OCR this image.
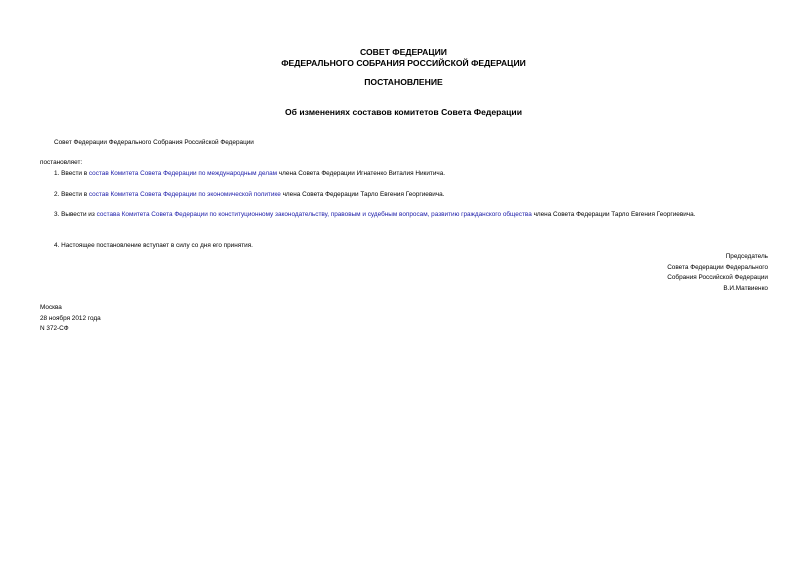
СОВЕТ ФЕДЕРАЦИИ
ФЕДЕРАЛЬНОГО СОБРАНИЯ РОССИЙСКОЙ ФЕДЕРАЦИИ
ПОСТАНОВЛЕНИЕ
Об изменениях составов комитетов Совета Федерации
Совет Федерации Федерального Собрания Российской Федерации
постановляет:
1. Ввести в состав Комитета Совета Федерации по международным делам члена Совета Федерации Игнатенко Виталия Никитича.
2. Ввести в состав Комитета Совета Федерации по экономической политике члена Совета Федерации Тарло Евгения Георгиевича.
3. Вывести из состава Комитета Совета Федерации по конституционному законодательству, правовым и судебным вопросам, развитию гражданского общества члена Совета Федерации Тарло Евгения Георгиевича.
4. Настоящее постановление вступает в силу со дня его принятия.
Председатель
Совета Федерации Федерального
Собрания Российской Федерации
В.И.Матвиенко
Москва
28 ноября 2012 года
N 372-СФ
